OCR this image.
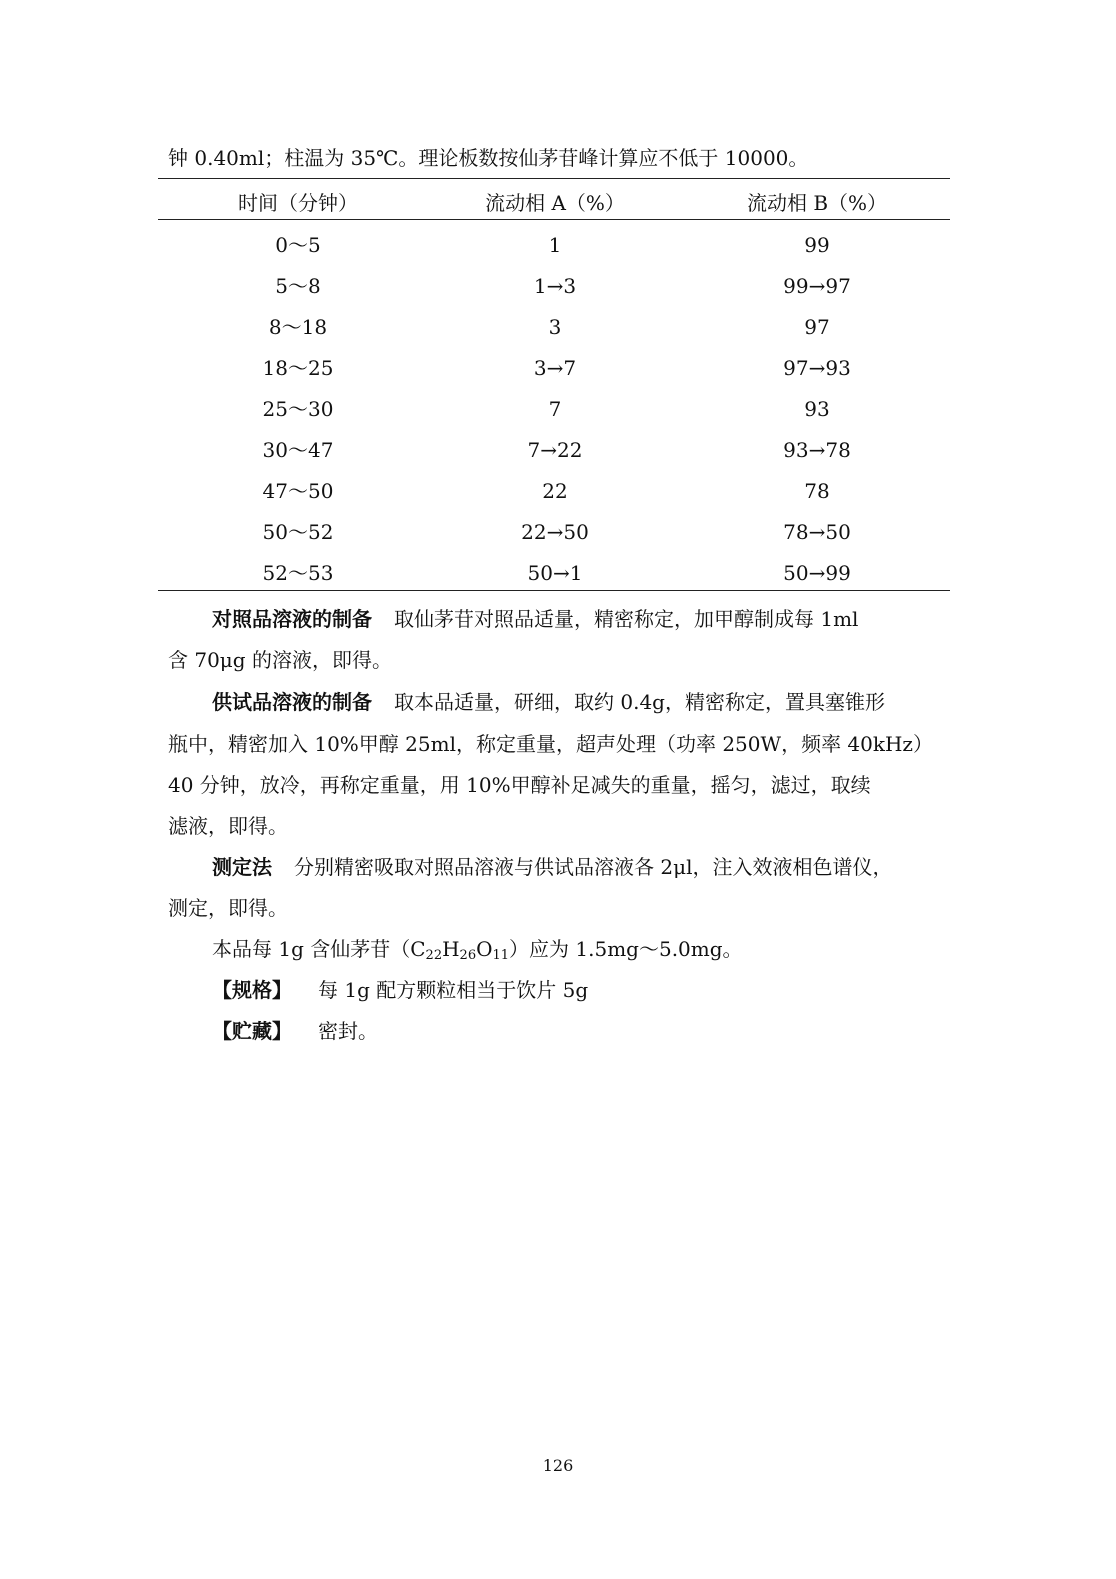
钟 0.40ml；柱温为 35℃。理论板数按仙茅苷峰计算应不低于 10000。
时间（分钟）	流动相 A（%）	流动相 B（%）
0～5	1	99
5～8	1→3	99→97
8～18	3	97
18～25	3→7	97→93
25～30	7	93
30～47	7→22	93→78
47～50	22	78
50～52	22→50	78→50
52～53	50→1	50→99
对照品溶液的制备 取仙茅苷对照品适量，精密称定，加甲醇制成每 1ml
含 70μg 的溶液，即得。
供试品溶液的制备 取本品适量，研细，取约 0.4g，精密称定，置具塞锥形
瓶中，精密加入 10%甲醇 25ml，称定重量，超声处理（功率 250W，频率 40kHz）
40 分钟，放冷，再称定重量，用 10%甲醇补足减失的重量，摇匀，滤过，取续
滤液，即得。
测定法 分别精密吸取对照品溶液与供试品溶液各 2μl，注入效液相色谱仪，
测定，即得。
本品每 1g 含仙茅苷$(C_{22}H_{26}O_{11})$应为 1.5mg～5.0mg。
【规格】 每 1g 配方颗粒相当于饮片 5g
【贮藏】 密封。
126
